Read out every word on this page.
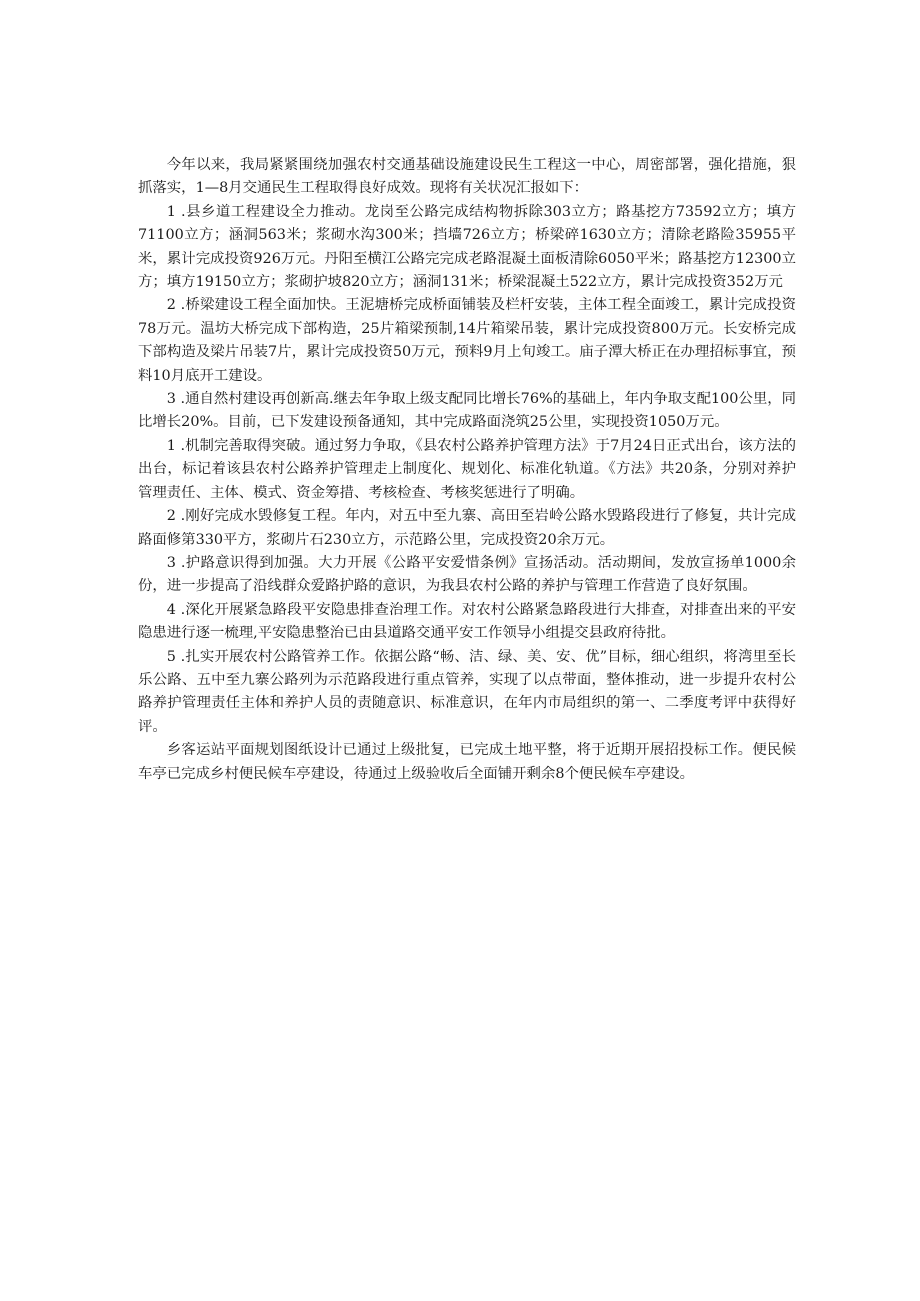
今年以来，我局紧紧围绕加强农村交通基础设施建设民生工程这一中心，周密部署，强化措施，狠抓落实，1—8月交通民生工程取得良好成效。现将有关状况汇报如下：

1 .县乡道工程建设全力推动。龙岗至公路完成结构物拆除303立方；路基挖方73592立方；填方71100立方；涵洞563米；浆砌水沟300米；挡墙726立方；桥梁碎1630立方；清除老路险35955平米，累计完成投资926万元。丹阳至横江公路完完成老路混凝土面板清除6050平米；路基挖方12300立方；填方19150立方；浆砌护坡820立方；涵洞131米；桥梁混凝土522立方，累计完成投资352万元

2 .桥梁建设工程全面加快。王泥塘桥完成桥面铺装及栏杆安装，主体工程全面竣工，累计完成投资78万元。温坊大桥完成下部构造，25片箱梁预制,14片箱梁吊装，累计完成投资800万元。长安桥完成下部构造及梁片吊装7片，累计完成投资50万元，预料9月上旬竣工。庙子潭大桥正在办理招标事宜，预料10月底开工建设。

3 .通自然村建设再创新高.继去年争取上级支配同比增长76%的基础上，年内争取支配100公里，同比增长20%。目前，已下发建设预备通知，其中完成路面浇筑25公里，实现投资1050万元。

1 .机制完善取得突破。通过努力争取，《县农村公路养护管理方法》于7月24日正式出台，该方法的出台，标记着该县农村公路养护管理走上制度化、规划化、标准化轨道。《方法》共20条，分别对养护管理责任、主体、模式、资金筹措、考核检查、考核奖惩进行了明确。

2 .刚好完成水毁修复工程。年内，对五中至九寨、高田至岩岭公路水毁路段进行了修复，共计完成路面修第330平方，浆砌片石230立方，示范路公里，完成投资20余万元。

3 .护路意识得到加强。大力开展《公路平安爱惜条例》宣扬活动。活动期间，发放宣扬单1000余份，进一步提高了沿线群众爱路护路的意识，为我县农村公路的养护与管理工作营造了良好氛围。

4 .深化开展紧急路段平安隐患排查治理工作。对农村公路紧急路段进行大排查，对排查出来的平安隐患进行逐一梳理,平安隐患整治已由县道路交通平安工作领导小组提交县政府待批。

5 .扎实开展农村公路管养工作。依据公路“畅、洁、绿、美、安、优”目标，细心组织，将湾里至长乐公路、五中至九寨公路列为示范路段进行重点管养，实现了以点带面，整体推动，进一步提升农村公路养护管理责任主体和养护人员的责随意识、标准意识，在年内市局组织的第一、二季度考评中获得好评。

乡客运站平面规划图纸设计已通过上级批复，已完成土地平整，将于近期开展招投标工作。便民候车亭已完成乡村便民候车亭建设，待通过上级验收后全面铺开剩余8个便民候车亭建设。
